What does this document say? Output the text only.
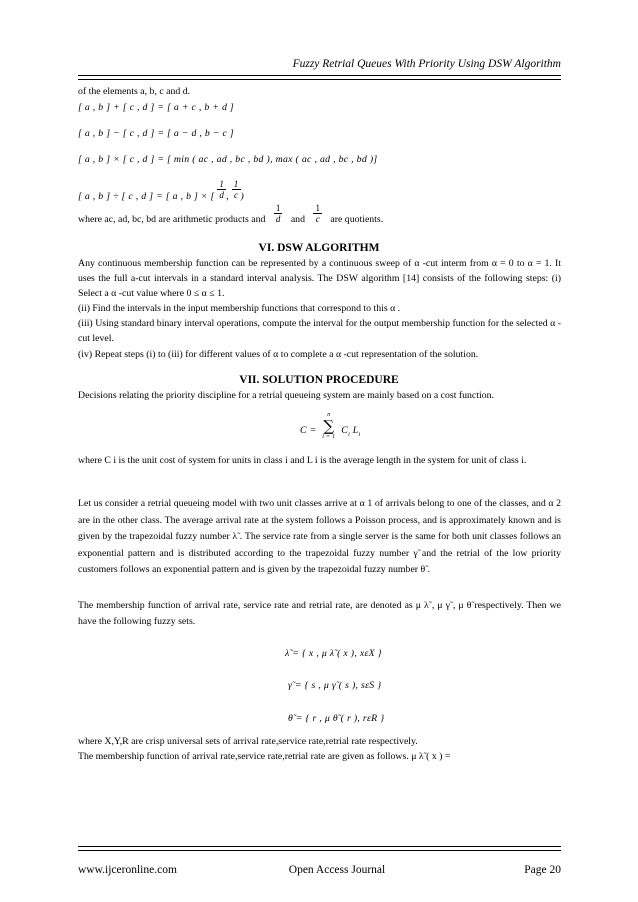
Fuzzy Retrial Queues With Priority Using DSW Algorithm
of the elements a, b, c and d.
[ a , b ] + [ c , d ] = [ a + c , b + d ]
[ a , b ] − [ c , d ] = [ a − d , b − c ]
[ a , b ] × [ c , d ] = [ min ( ac , ad , bc , bd ), max ( ac , ad , bc , bd )]
[ a , b ] ÷ [ c , d ] = [ a , b ] × [ $\frac{1}{d}$ , $\frac{1}{c}$ )
where ac, ad, bc, bd are arithmetic products and $\frac{1}{d}$ and $\frac{1}{c}$ are quotients.
VI. DSW ALGORITHM
Any continuous membership function can be represented by a continuous sweep of α -cut interm from α = 0 to α = 1. It uses the full a-cut intervals in a standard interval analysis. The DSW algorithm [14] consists of the following steps: (i) Select a α -cut value where 0 ≤ α ≤ 1.
(ii) Find the intervals in the input membership functions that correspond to this α .
(iii) Using standard binary interval operations, compute the interval for the output membership function for the selected α -cut level.
(iv) Repeat steps (i) to (iii) for different values of α to complete a α -cut representation of the solution.
VII. SOLUTION PROCEDURE
Decisions relating the priority discipline for a retrial queueing system are mainly based on a cost function.
C =
n
∑
i = 1
$C_i$ $L_i$
where C i is the unit cost of system for units in class i and L i is the average length in the system for unit of class i.
Let us consider a retrial queueing model with two unit classes arrive at α 1 of arrivals belong to one of the classes, and α 2 are in the other class. The average arrival rate at the system follows a Poisson process, and is approximately known and is given by the trapezoidal fuzzy number λ̃ . The service rate from a single server is the same for both unit classes follows an exponential pattern and is distributed according to the trapezoidal fuzzy number γ̃ and the retrial of the low priority customers follows an exponential pattern and is given by the trapezoidal fuzzy number θ̃ .
The membership function of arrival rate, service rate and retrial rate, are denoted as μ λ̃ , μ γ̃ , μ θ̃ respectively. Then we have the following fuzzy sets.
λ̃ = { x , μ λ̃ ( x ), xεX }
γ̃ = { s , μ γ̃ ( s ), sεS }
θ̃ = { r , μ θ̃ ( r ), rεR }
where X,Y,R are crisp universal sets of arrival rate,service rate,retrial rate respectively.
The membership function of arrival rate,service rate,retrial rate are given as follows. μ λ̃ ( x ) =
www.ijceronline.com	Open Access Journal	Page 20
